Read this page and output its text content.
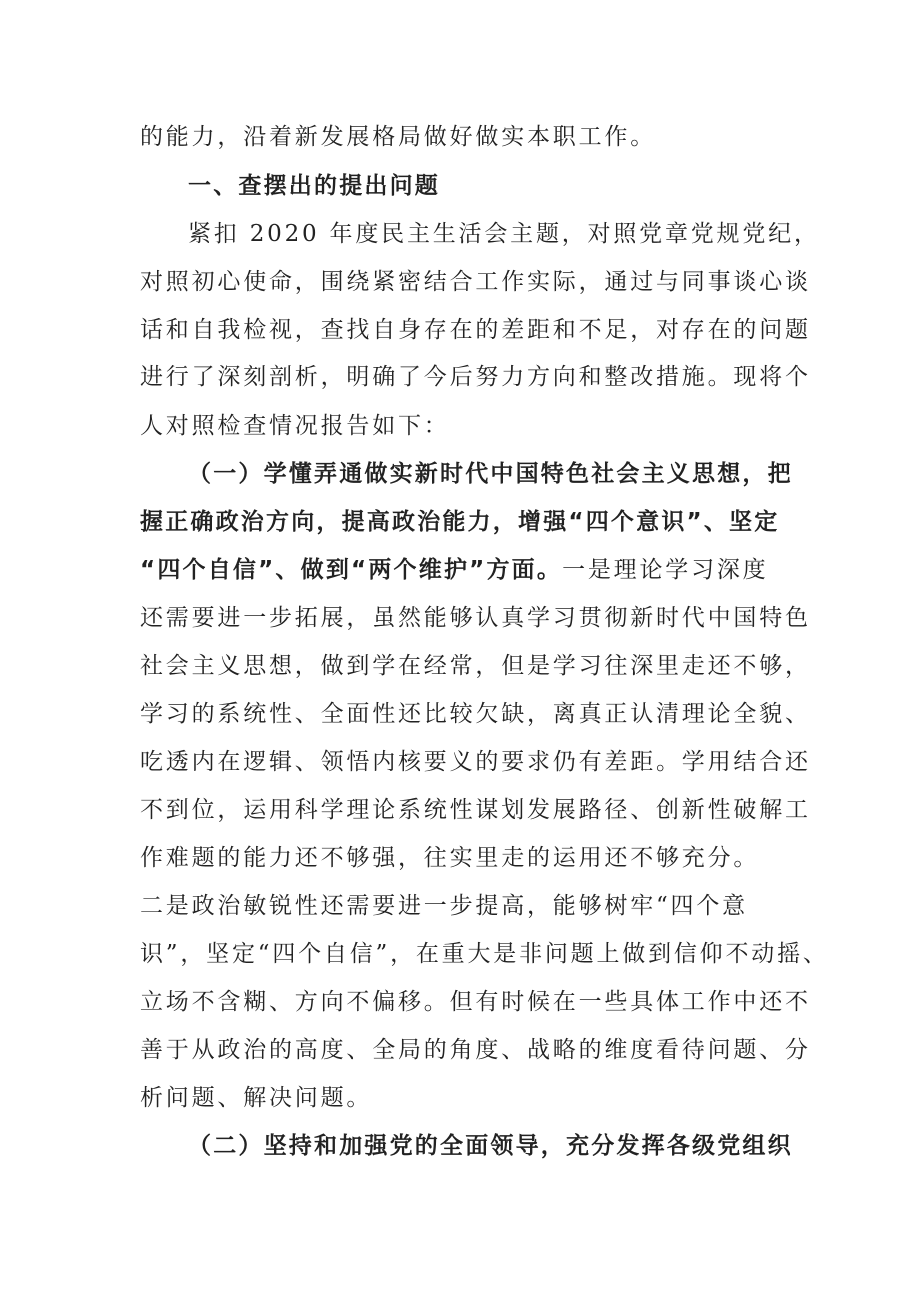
的能力，沿着新发展格局做好做实本职工作。
一、查摆出的提出问题
紧扣 2020 年度民主生活会主题，对照党章党规党纪，
对照初心使命，围绕紧密结合工作实际，通过与同事谈心谈
话和自我检视，查找自身存在的差距和不足，对存在的问题
进行了深刻剖析，明确了今后努力方向和整改措施。现将个
人对照检查情况报告如下：
（一）学懂弄通做实新时代中国特色社会主义思想，把
握正确政治方向，提高政治能力，增强“四个意识”、坚定
“四个自信”、做到“两个维护”方面。一是理论学习深度
还需要进一步拓展，虽然能够认真学习贯彻新时代中国特色
社会主义思想，做到学在经常，但是学习往深里走还不够，
学习的系统性、全面性还比较欠缺，离真正认清理论全貌、
吃透内在逻辑、领悟内核要义的要求仍有差距。学用结合还
不到位，运用科学理论系统性谋划发展路径、创新性破解工
作难题的能力还不够强，往实里走的运用还不够充分。
二是政治敏锐性还需要进一步提高，能够树牢“四个意
识”，坚定“四个自信”，在重大是非问题上做到信仰不动摇、
立场不含糊、方向不偏移。但有时候在一些具体工作中还不
善于从政治的高度、全局的角度、战略的维度看待问题、分
析问题、解决问题。
（二）坚持和加强党的全面领导，充分发挥各级党组织
